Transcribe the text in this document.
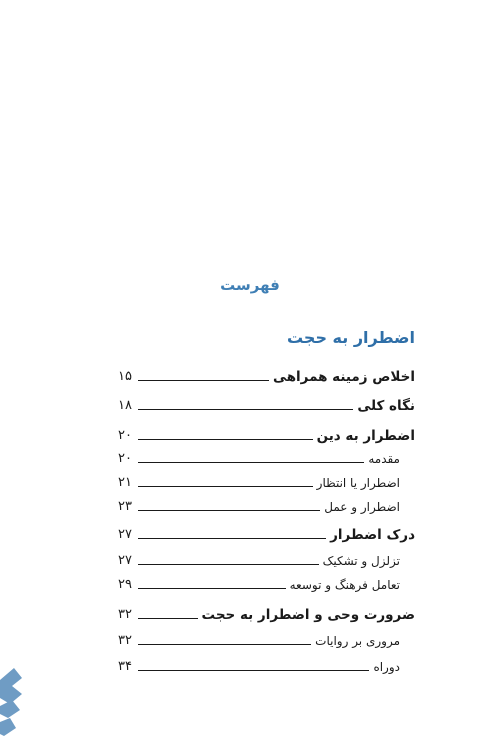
فهرست
اضطرار به حجت
اخلاص زمینه همراهی
۱۵
نگاه کلی
۱۸
اضطرار به دین
۲۰
مقدمه
۲۰
اضطرار یا انتظار
۲۱
اضطرار و عمل
۲۳
درک اضطرار
۲۷
تزلزل و تشکیک
۲۷
تعامل فرهنگ و توسعه
۲۹
ضرورت وحی و اضطرار به حجت
۳۲
مروری بر روایات
۳۲
دوراه
۳۴
